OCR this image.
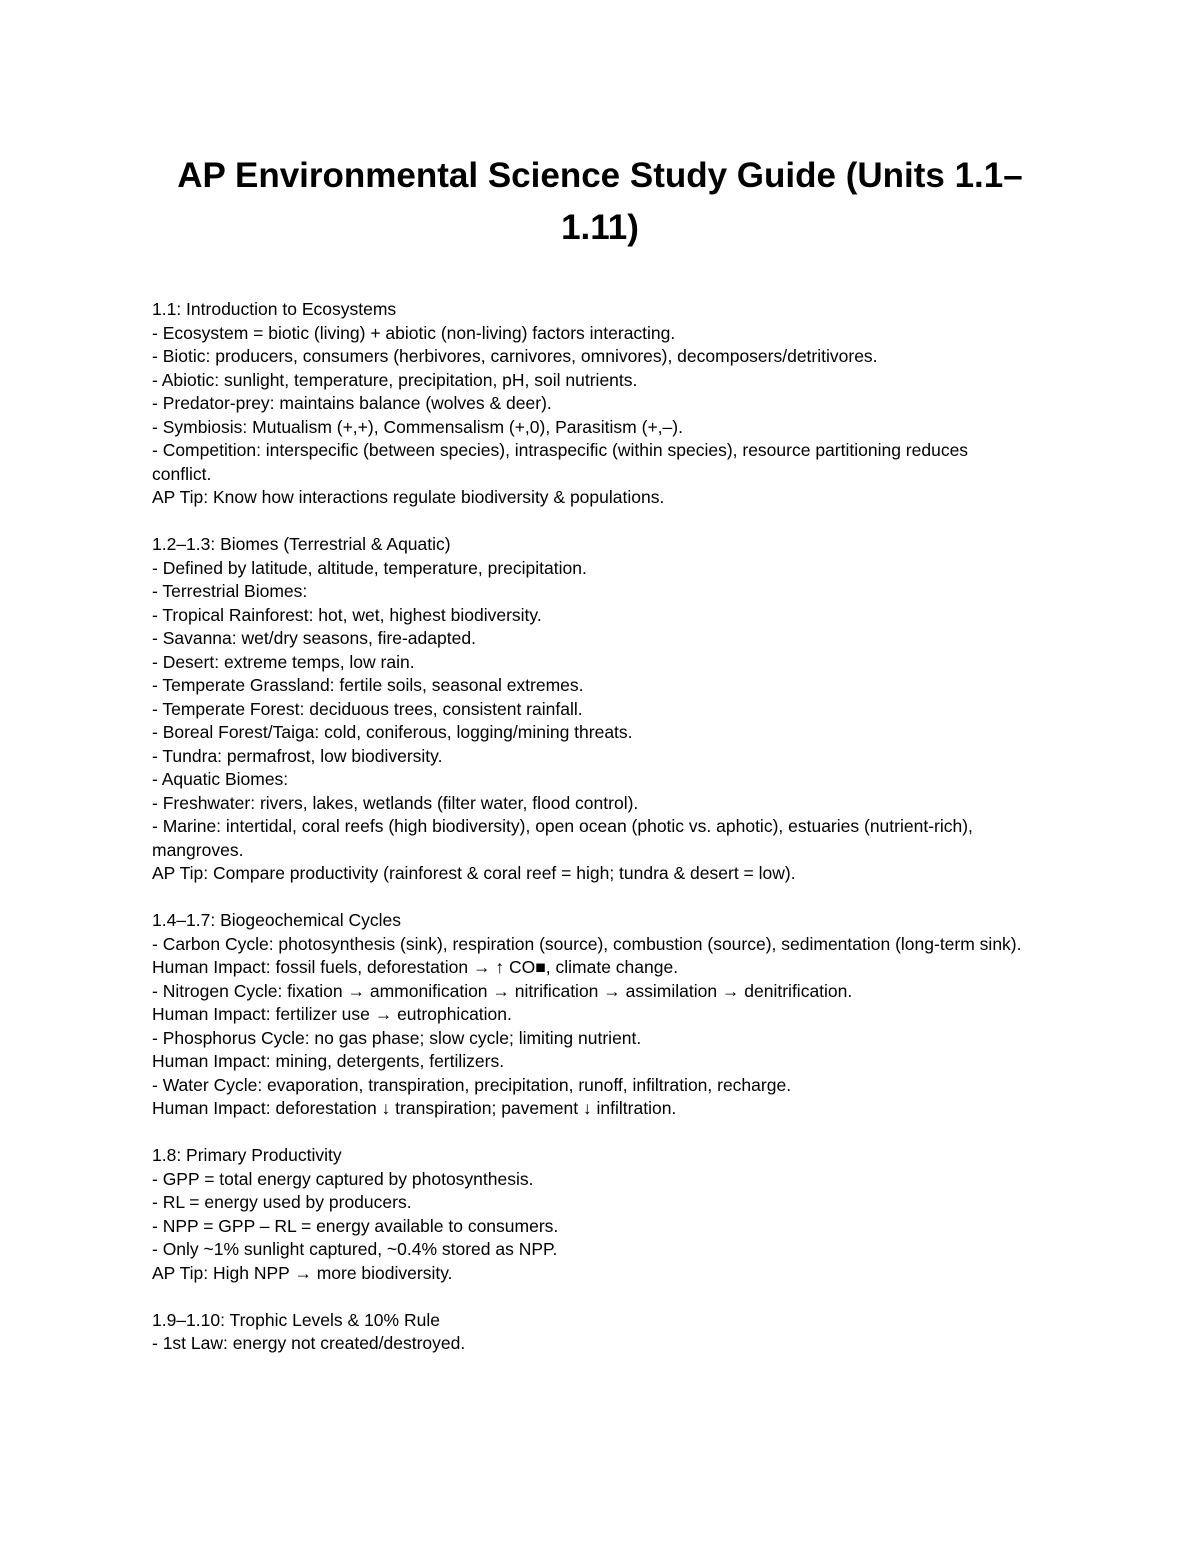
AP Environmental Science Study Guide (Units 1.1–1.11)
1.1: Introduction to Ecosystems
- Ecosystem = biotic (living) + abiotic (non-living) factors interacting.
- Biotic: producers, consumers (herbivores, carnivores, omnivores), decomposers/detritivores.
- Abiotic: sunlight, temperature, precipitation, pH, soil nutrients.
- Predator-prey: maintains balance (wolves & deer).
- Symbiosis: Mutualism (+,+), Commensalism (+,0), Parasitism (+,–).
- Competition: interspecific (between species), intraspecific (within species), resource partitioning reduces conflict.
AP Tip: Know how interactions regulate biodiversity & populations.
1.2–1.3: Biomes (Terrestrial & Aquatic)
- Defined by latitude, altitude, temperature, precipitation.
- Terrestrial Biomes:
- Tropical Rainforest: hot, wet, highest biodiversity.
- Savanna: wet/dry seasons, fire-adapted.
- Desert: extreme temps, low rain.
- Temperate Grassland: fertile soils, seasonal extremes.
- Temperate Forest: deciduous trees, consistent rainfall.
- Boreal Forest/Taiga: cold, coniferous, logging/mining threats.
- Tundra: permafrost, low biodiversity.
- Aquatic Biomes:
- Freshwater: rivers, lakes, wetlands (filter water, flood control).
- Marine: intertidal, coral reefs (high biodiversity), open ocean (photic vs. aphotic), estuaries (nutrient-rich), mangroves.
AP Tip: Compare productivity (rainforest & coral reef = high; tundra & desert = low).
1.4–1.7: Biogeochemical Cycles
- Carbon Cycle: photosynthesis (sink), respiration (source), combustion (source), sedimentation (long-term sink).
Human Impact: fossil fuels, deforestation → ↑ CO■, climate change.
- Nitrogen Cycle: fixation → ammonification → nitrification → assimilation → denitrification.
Human Impact: fertilizer use → eutrophication.
- Phosphorus Cycle: no gas phase; slow cycle; limiting nutrient.
Human Impact: mining, detergents, fertilizers.
- Water Cycle: evaporation, transpiration, precipitation, runoff, infiltration, recharge.
Human Impact: deforestation ↓ transpiration; pavement ↓ infiltration.
1.8: Primary Productivity
- GPP = total energy captured by photosynthesis.
- RL = energy used by producers.
- NPP = GPP – RL = energy available to consumers.
- Only ~1% sunlight captured, ~0.4% stored as NPP.
AP Tip: High NPP → more biodiversity.
1.9–1.10: Trophic Levels & 10% Rule
- 1st Law: energy not created/destroyed.
